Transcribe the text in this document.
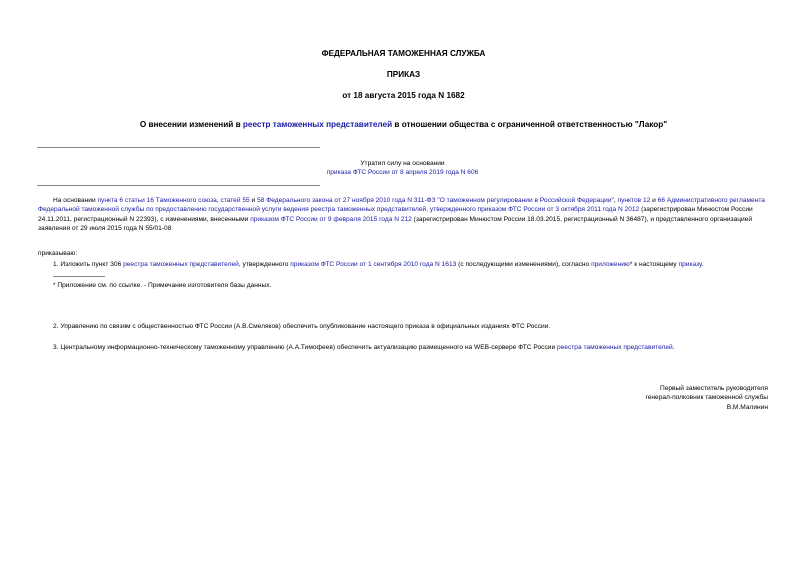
ФЕДЕРАЛЬНАЯ ТАМОЖЕННАЯ СЛУЖБА
ПРИКАЗ
от 18 августа 2015 года N 1682
О внесении изменений в реестр таможенных представителей в отношении общества с ограниченной ответственностью "Лакор"
Утратил силу на основании
приказа ФТС России от 8 апреля 2019 года N 606
На основании пункта 6 статьи 16 Таможенного союза, статей 55 и 58 Федерального закона от 27 ноября 2010 года N 311-ФЗ "О таможенном регулировании в Российской Федерации", пунктов 12 и 66 Административного регламента Федеральной таможенной службы по предоставлению государственной услуги ведения реестра таможенных представителей, утвержденного приказом ФТС России от 3 октября 2011 года N 2012 (зарегистрирован Минюстом России 24.11.2011, регистрационный N 22393), с изменениями, внесенными приказом ФТС России от 9 февраля 2015 года N 212 (зарегистрирован Минюстом России 18.03.2015, регистрационный N 36487), и представленного организацией заявления от 29 июля 2015 года N 55/01-08
приказываю:
1. Изложить пункт 306 реестра таможенных представителей, утвержденного приказом ФТС России от 1 сентября 2010 года N 1613 (с последующими изменениями), согласно приложению* к настоящему приказу.
* Приложение см. по ссылке. - Примечание изготовителя базы данных.
2. Управлению по связям с общественностью ФТС России (А.В.Смеляков) обеспечить опубликование настоящего приказа в официальных изданиях ФТС России.
3. Центральному информационно-техническому таможенному управлению (А.А.Тимофеев) обеспечить актуализацию размещенного на WEB-сервере ФТС России реестра таможенных представителей.
Первый заместитель руководителя
генерал-полковник таможенной службы
В.М.Малинин
